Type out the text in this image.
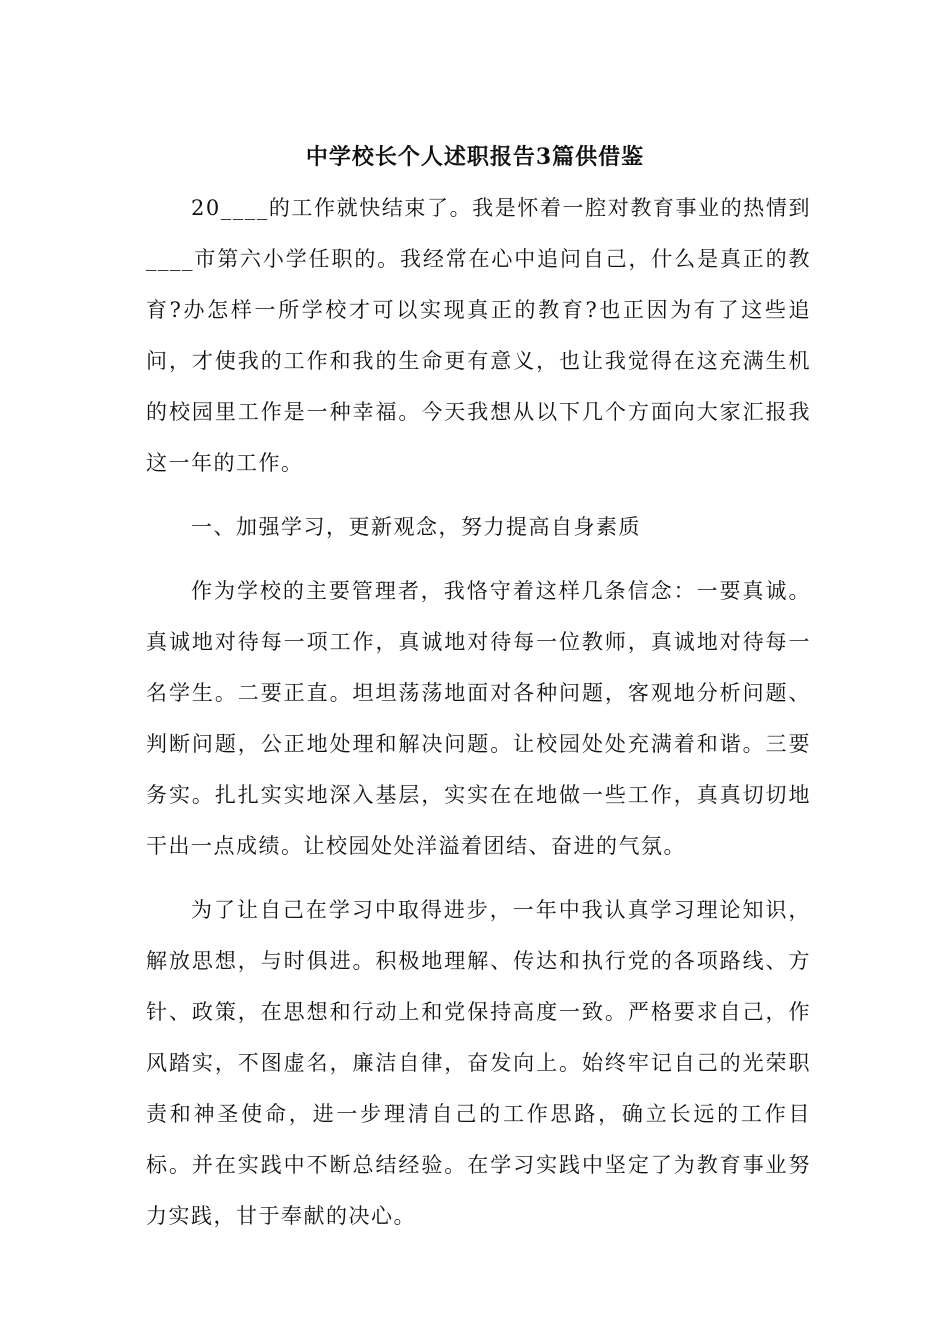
中学校长个人述职报告3篇供借鉴

20____的工作就快结束了。我是怀着一腔对教育事业的热情到____市第六小学任职的。我经常在心中追问自己，什么是真正的教育?办怎样一所学校才可以实现真正的教育?也正因为有了这些追问，才使我的工作和我的生命更有意义，也让我觉得在这充满生机的校园里工作是一种幸福。今天我想从以下几个方面向大家汇报我这一年的工作。

一、加强学习，更新观念，努力提高自身素质

作为学校的主要管理者，我恪守着这样几条信念：一要真诚。真诚地对待每一项工作，真诚地对待每一位教师，真诚地对待每一名学生。二要正直。坦坦荡荡地面对各种问题，客观地分析问题、判断问题，公正地处理和解决问题。让校园处处充满着和谐。三要务实。扎扎实实地深入基层，实实在在地做一些工作，真真切切地干出一点成绩。让校园处处洋溢着团结、奋进的气氛。

为了让自己在学习中取得进步，一年中我认真学习理论知识，解放思想，与时俱进。积极地理解、传达和执行党的各项路线、方针、政策，在思想和行动上和党保持高度一致。严格要求自己，作风踏实，不图虚名，廉洁自律，奋发向上。始终牢记自己的光荣职责和神圣使命，进一步理清自己的工作思路，确立长远的工作目标。并在实践中不断总结经验。在学习实践中坚定了为教育事业努力实践，甘于奉献的决心。
